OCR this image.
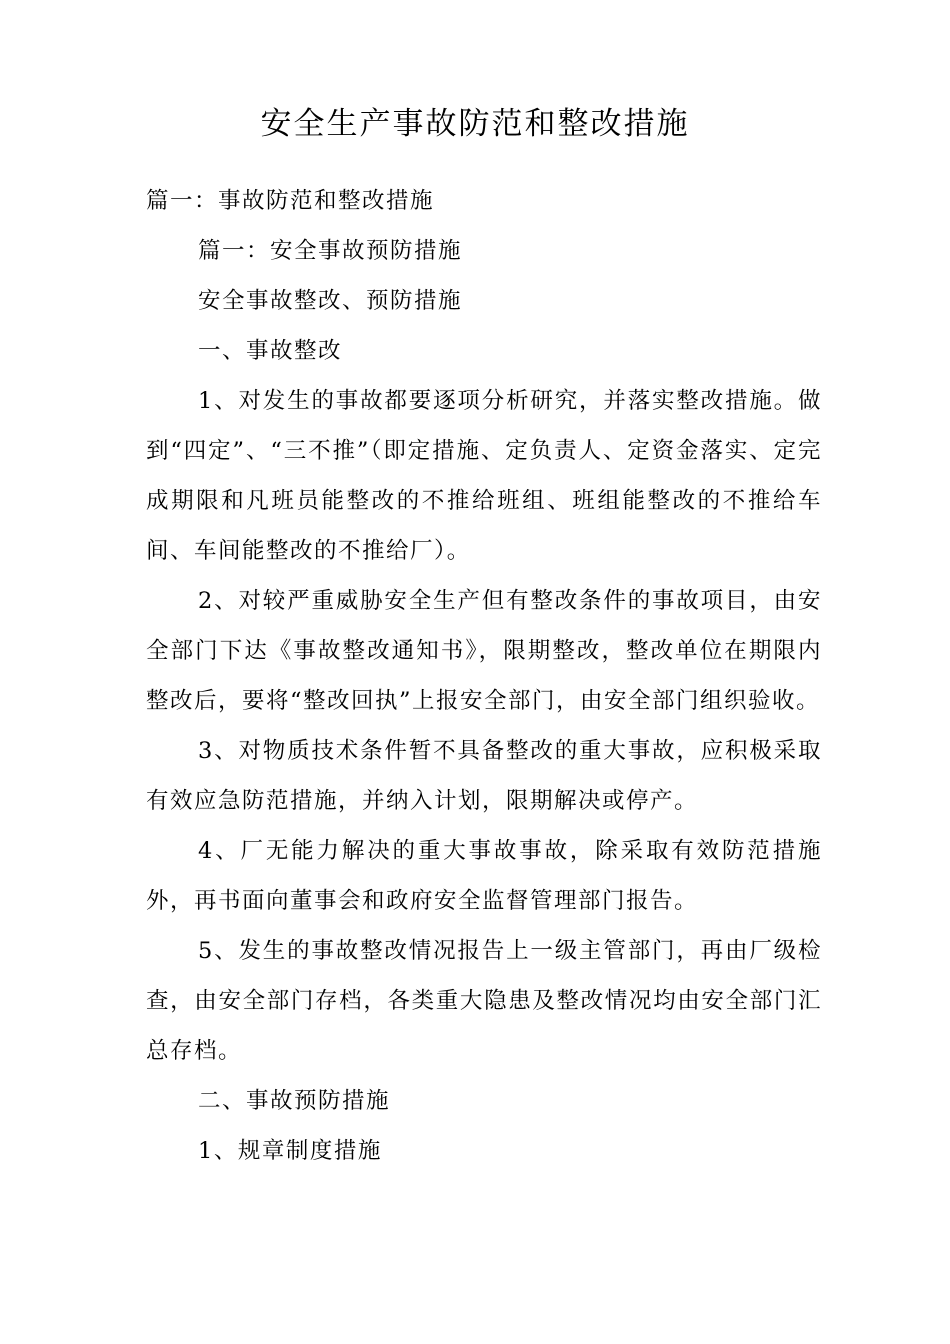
安全生产事故防范和整改措施

篇一：事故防范和整改措施

篇一：安全事故预防措施

安全事故整改、预防措施

一、事故整改

1、对发生的事故都要逐项分析研究，并落实整改措施。做到“四定”、“三不推”（即定措施、定负责人、定资金落实、定完成期限和凡班员能整改的不推给班组、班组能整改的不推给车间、车间能整改的不推给厂）。

2、对较严重威胁安全生产但有整改条件的事故项目，由安全部门下达《事故整改通知书》，限期整改，整改单位在期限内整改后，要将“整改回执”上报安全部门，由安全部门组织验收。

3、对物质技术条件暂不具备整改的重大事故，应积极采取有效应急防范措施，并纳入计划，限期解决或停产。

4、厂无能力解决的重大事故事故，除采取有效防范措施外，再书面向董事会和政府安全监督管理部门报告。

5、发生的事故整改情况报告上一级主管部门，再由厂级检查，由安全部门存档，各类重大隐患及整改情况均由安全部门汇总存档。

二、事故预防措施

1、规章制度措施
